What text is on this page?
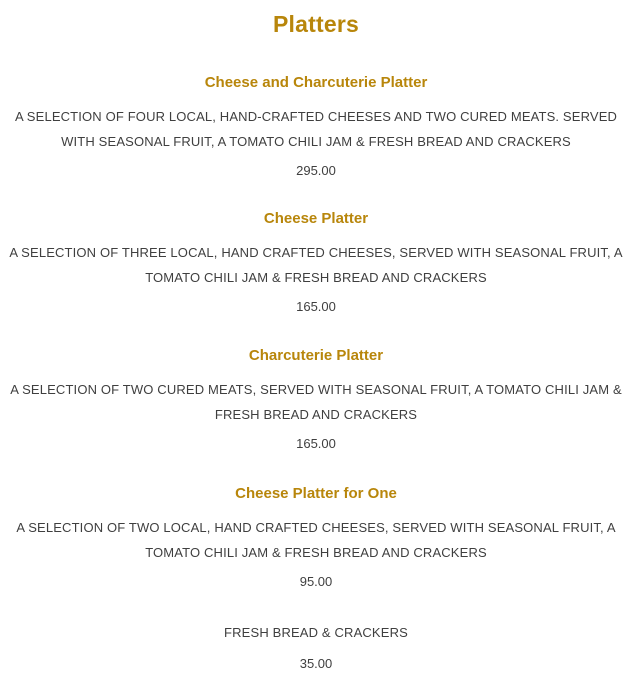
Platters
Cheese and Charcuterie Platter
A SELECTION OF FOUR LOCAL, HAND-CRAFTED CHEESES AND TWO CURED MEATS. SERVED WITH SEASONAL FRUIT, A TOMATO CHILI JAM & FRESH BREAD AND CRACKERS
295.00
Cheese Platter
A SELECTION OF THREE LOCAL, HAND CRAFTED CHEESES, SERVED WITH SEASONAL FRUIT, A TOMATO CHILI JAM & FRESH BREAD AND CRACKERS
165.00
Charcuterie Platter
A SELECTION OF TWO CURED MEATS, SERVED WITH SEASONAL FRUIT, A TOMATO CHILI JAM & FRESH BREAD AND CRACKERS
165.00
Cheese Platter for One
A SELECTION OF TWO LOCAL, HAND CRAFTED CHEESES, SERVED WITH SEASONAL FRUIT, A TOMATO CHILI JAM & FRESH BREAD AND CRACKERS
95.00
FRESH BREAD & CRACKERS
35.00
